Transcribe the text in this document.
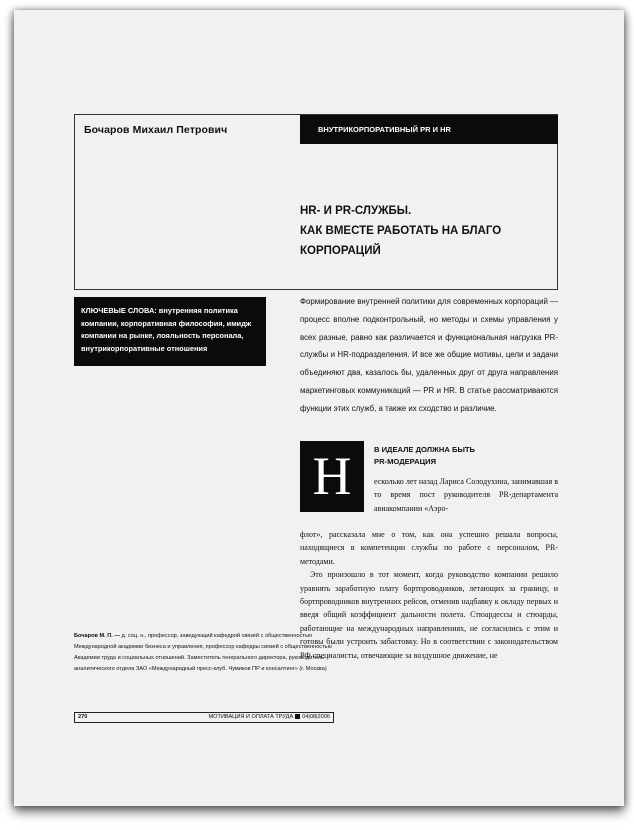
Бочаров Михаил Петрович	ВНУТРИКОРПОРАТИВНЫЙ PR И HR
HR- И PR-СЛУЖБЫ.
КАК ВМЕСТЕ РАБОТАТЬ НА БЛАГО
КОРПОРАЦИЙ
КЛЮЧЕВЫЕ СЛОВА: внутренняя политика компании, корпоративная философия, имидж компании на рынке, лояльность персонала, внутрикорпоративные отношения
Формирование внутренней политики для современных корпораций — процесс вполне подконтрольный, но методы и схемы управления у всех разные, равно как различается и функциональная нагрузка PR-службы и HR-подразделения. И все же общие мотивы, цели и задачи объединяют два, казалось бы, удаленных друг от друга направления маркетинговых коммуникаций — PR и HR. В статье рассматриваются функции этих служб, а также их сходство и различие.
Н	В ИДЕАЛЕ ДОЛЖНА БЫТЬ
PR-МОДЕРАЦИЯ
есколько лет назад Лариса Солодухина, занимавшая в то время пост руководителя PR-департамента авиакомпании «Аэро-
флот», рассказала мне о том, как она успешно решала вопросы, находящиеся в компетенции службы по работе с персоналом, PR-методами.

Это произошло в тот момент, когда руководство компании решило уравнять заработную плату бортпроводников, летающих за границу, и бортпроводников внутренних рейсов, отменив надбавку к окладу первых и введя общий коэффициент дальности полета. Стюардессы и стюарды, работающие на международных направлениях, не согласились с этим и готовы были устроить забастовку. Но в соответствии с законодательством РФ специалисты, отвечающие за воздушное движение, не

Бочаров М. П. — д. соц. н., профессор, заведующий кафедрой связей с общественностью Международной академии бизнеса и управления, профессор кафедры связей с общественностью Академии труда и социальных отношений. Заместитель генерального директора, руководитель аналитического отдела ЗАО «Международный пресс-клуб. Чумиков ПР и консалтинг» (г. Москва)
270	МОТИВАЦИЯ И ОПЛАТА ТРУДА 04|08|2006
